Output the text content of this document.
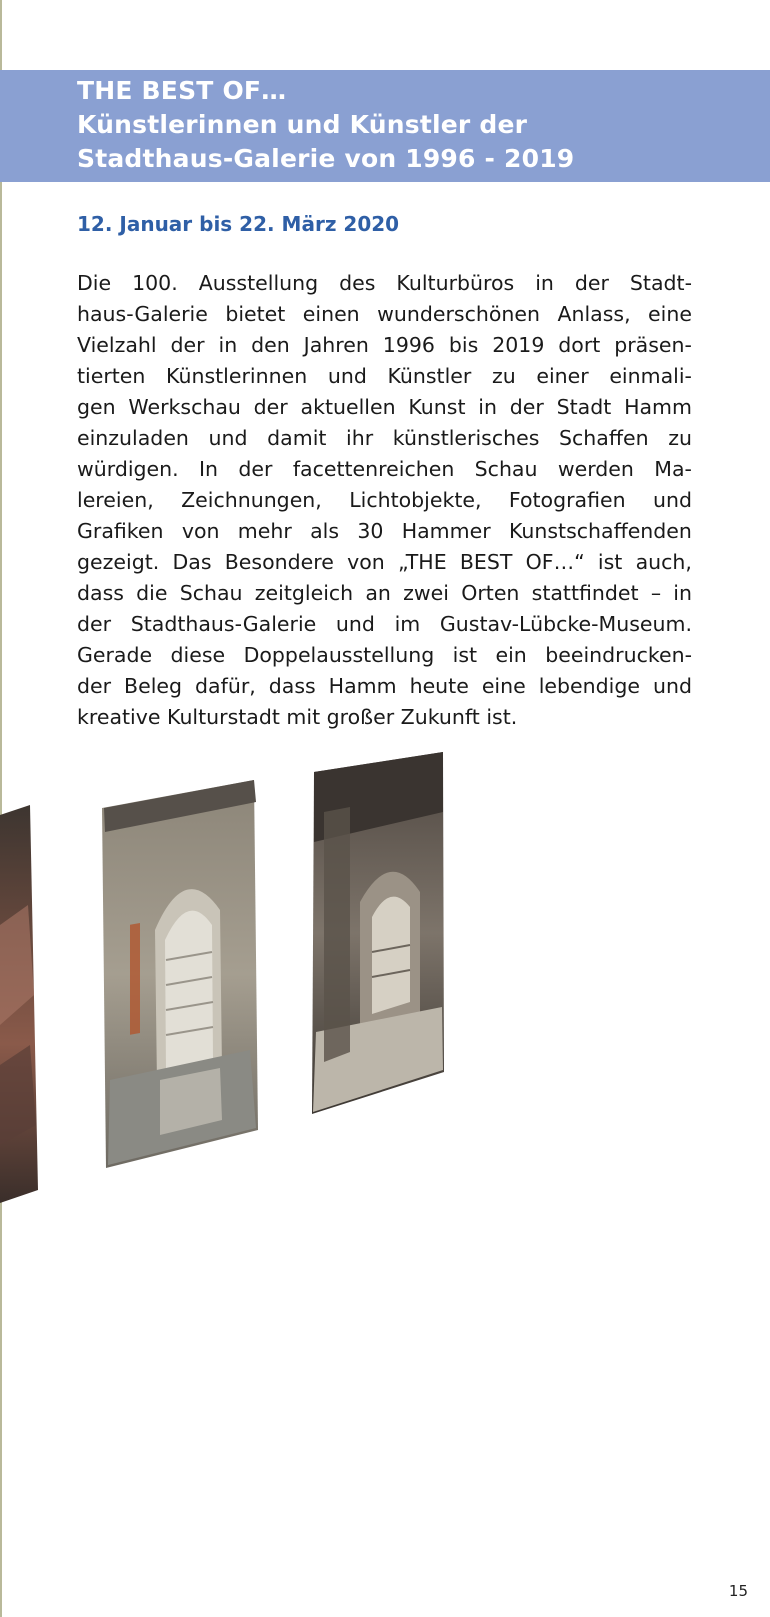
THE BEST OF…
Künstlerinnen und Künstler der
Stadthaus-Galerie von 1996 - 2019
12. Januar bis 22. März 2020
Die 100. Ausstellung des Kulturbüros in der Stadt-
haus-Galerie bietet einen wunderschönen Anlass, eine
Vielzahl der in den Jahren 1996 bis 2019 dort präsen-
tierten Künstlerinnen und Künstler zu einer einmali-
gen Werkschau der aktuellen Kunst in der Stadt Hamm
einzuladen und damit ihr künstlerisches Schaffen zu
würdigen. In der facettenreichen Schau werden Ma-
lereien, Zeichnungen, Lichtobjekte, Fotografien und
Grafiken von mehr als 30 Hammer Kunstschaffenden
gezeigt. Das Besondere von „THE BEST OF…“ ist auch,
dass die Schau zeitgleich an zwei Orten stattfindet – in
der Stadthaus-Galerie und im Gustav-Lübcke-Museum.
Gerade diese Doppelausstellung ist ein beeindrucken-
der Beleg dafür, dass Hamm heute eine lebendige und
kreative Kulturstadt mit großer Zukunft ist.
15
